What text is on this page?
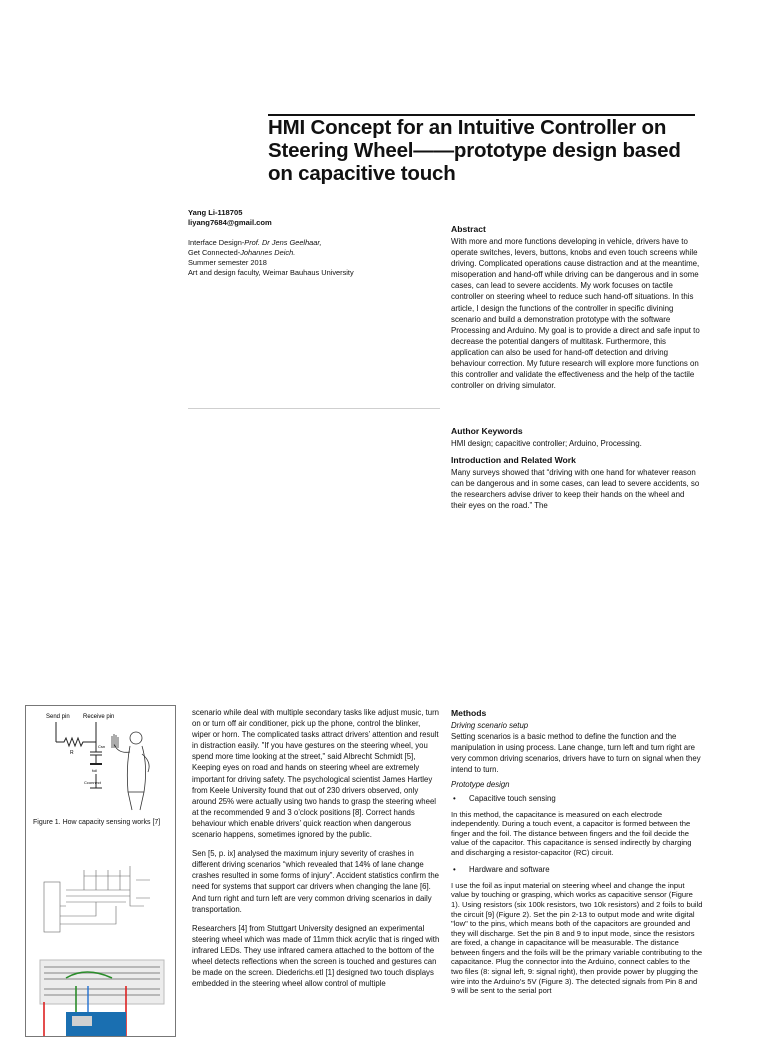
HMI Concept for an Intuitive Controller on Steering Wheel——prototype design based on capacitive touch
Yang Li-118705
liyang7684@gmail.com
Interface Design-Prof. Dr Jens Geelhaar,
Get Connected-Johannes Deich.
Summer semester 2018
Art and design faculty, Weimar Bauhaus University
Abstract

With more and more functions developing in vehicle, drivers have to operate switches, levers, buttons, knobs and even touch screens while driving. Complicated operations cause distraction and at the meantime, misoperation and hand-off while driving can be dangerous and in some cases, can lead to severe accidents. My work focuses on tactile controller on steering wheel to reduce such hand-off situations. In this article, I design the functions of the controller in specific divining scenario and build a demonstration prototype with the software Processing and Arduino. My goal is to provide a direct and safe input to decrease the potential dangers of multitask. Furthermore, this application can also be used for hand-off detection and driving behaviour correction. My future research will explore more functions on this controller and validate the effectiveness and the help of the tactile controller on driving simulator.

Author Keywords

HMI design; capacitive controller; Arduino, Processing.

Introduction and Related Work

Many surveys showed that “driving with one hand for whatever reason can be dangerous and in some cases, can lead to severe accidents, so the researchers advise driver to keep their hands on the wheel and their eyes on the road.” The

Send pin Receive pin
R
Csn
foil
Cconnect
Figure 1. How capacity sensing works [7]

scenario while deal with multiple secondary tasks like adjust music, turn on or turn off air conditioner, pick up the phone, control the blinker, wiper or horn. The complicated tasks attract drivers’ attention and result in distraction easily. "If you have gestures on the steering wheel, you spend more time looking at the street," said Albrecht Schmidt [5], Keeping eyes on road and hands on steering wheel are extremely important for driving safety. The psychological scientist James Hartley from Keele University found that out of 230 drivers observed, only around 25% were actually using two hands to grasp the steering wheel at the recommended 9 and 3 o’clock positions [8]. Correct hands behaviour which enable drivers’ quick reaction when dangerous scenario happens, sometimes ignored by the public.

Sen [5, p. ix] analysed the maximum injury severity of crashes in different driving scenarios “which revealed that 14% of lane change crashes resulted in some forms of injury”. Accident statistics confirm the need for systems that support car drivers when changing the lane [6]. And turn right and turn left are very common driving scenarios in daily transportation.

Researchers [4] from Stuttgart University designed an experimental steering wheel which was made of 11mm thick acrylic that is ringed with infrared LEDs. They use infrared camera attached to the bottom of the wheel detects reflections when the screen is touched and gestures can be made on the screen. Diederichs.etl [1] designed two touch displays embedded in the steering wheel allow control of multiple

Methods

Driving scenario setup

Setting scenarios is a basic method to define the function and the manipulation in using process. Lane change, turn left and turn right are very common driving scenarios, drivers have to turn on signal when they intend to turn.

Prototype design

• Capacitive touch sensing

In this method, the capacitance is measured on each electrode independently. During a touch event, a capacitor is formed between the finger and the foil. The distance between fingers and the foil decide the value of the capacitor. This capacitance is sensed indirectly by charging and discharging a resistor-capacitor (RC) circuit.

• Hardware and software

I use the foil as input material on steering wheel and change the input value by touching or grasping, which works as capacitive sensor (Figure 1). Using resistors (six 100k resistors, two 10k resistors) and 2 foils to build the circuit [9] (Figure 2). Set the pin 2-13 to output mode and write digital "low" to the pins, which means both of the capacitors are grounded and they will discharge. Set the pin 8 and 9 to input mode, since the resistors are fixed, a change in capacitance will be measurable. The distance between fingers and the foils will be the primary variable contributing to the capacitance. Plug the connector into the Arduino, connect cables to the two files (8: signal left, 9: signal right), then provide power by plugging the wire into the Arduino’s 5V (Figure 3). The detected signals from Pin 8 and 9 will be sent to the serial port
